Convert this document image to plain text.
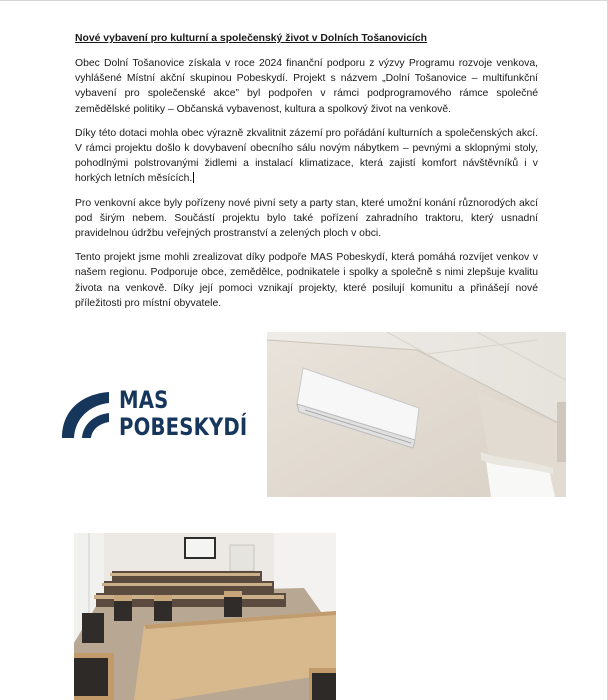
Nové vybavení pro kulturní a společenský život v Dolních Tošanovicích

Obec Dolní Tošanovice získala v roce 2024 finanční podporu z výzvy Programu rozvoje venkova, vyhlášené Místní akční skupinou Pobeskydí. Projekt s názvem „Dolní Tošanovice – multifunkční vybavení pro společenské akce” byl podpořen v rámci podprogramového rámce společné zemědělské politiky – Občanská vybavenost, kultura a spolkový život na venkově.

Díky této dotaci mohla obec výrazně zkvalitnit zázemí pro pořádání kulturních a společenských akcí. V rámci projektu došlo k dovybavení obecního sálu novým nábytkem – pevnými a sklopnými stoly, pohodlnými polstrovanými židlemi a instalací klimatizace, která zajistí komfort návštěvníků i v horkých letních měsících.

Pro venkovní akce byly pořízeny nové pivní sety a party stan, které umožní konání různorodých akcí pod širým nebem. Součástí projektu bylo také pořízení zahradního traktoru, který usnadní pravidelnou údržbu veřejných prostranství a zelených ploch v obci.

Tento projekt jsme mohli zrealizovat díky podpoře MAS Pobeskydí, která pomáhá rozvíjet venkov v našem regionu. Podporuje obce, zemědělce, podnikatele i spolky a společně s nimi zlepšuje kvalitu života na venkově. Díky její pomoci vznikají projekty, které posilují komunitu a přinášejí nové příležitosti pro místní obyvatele.

MAS
POBESKYDÍ
